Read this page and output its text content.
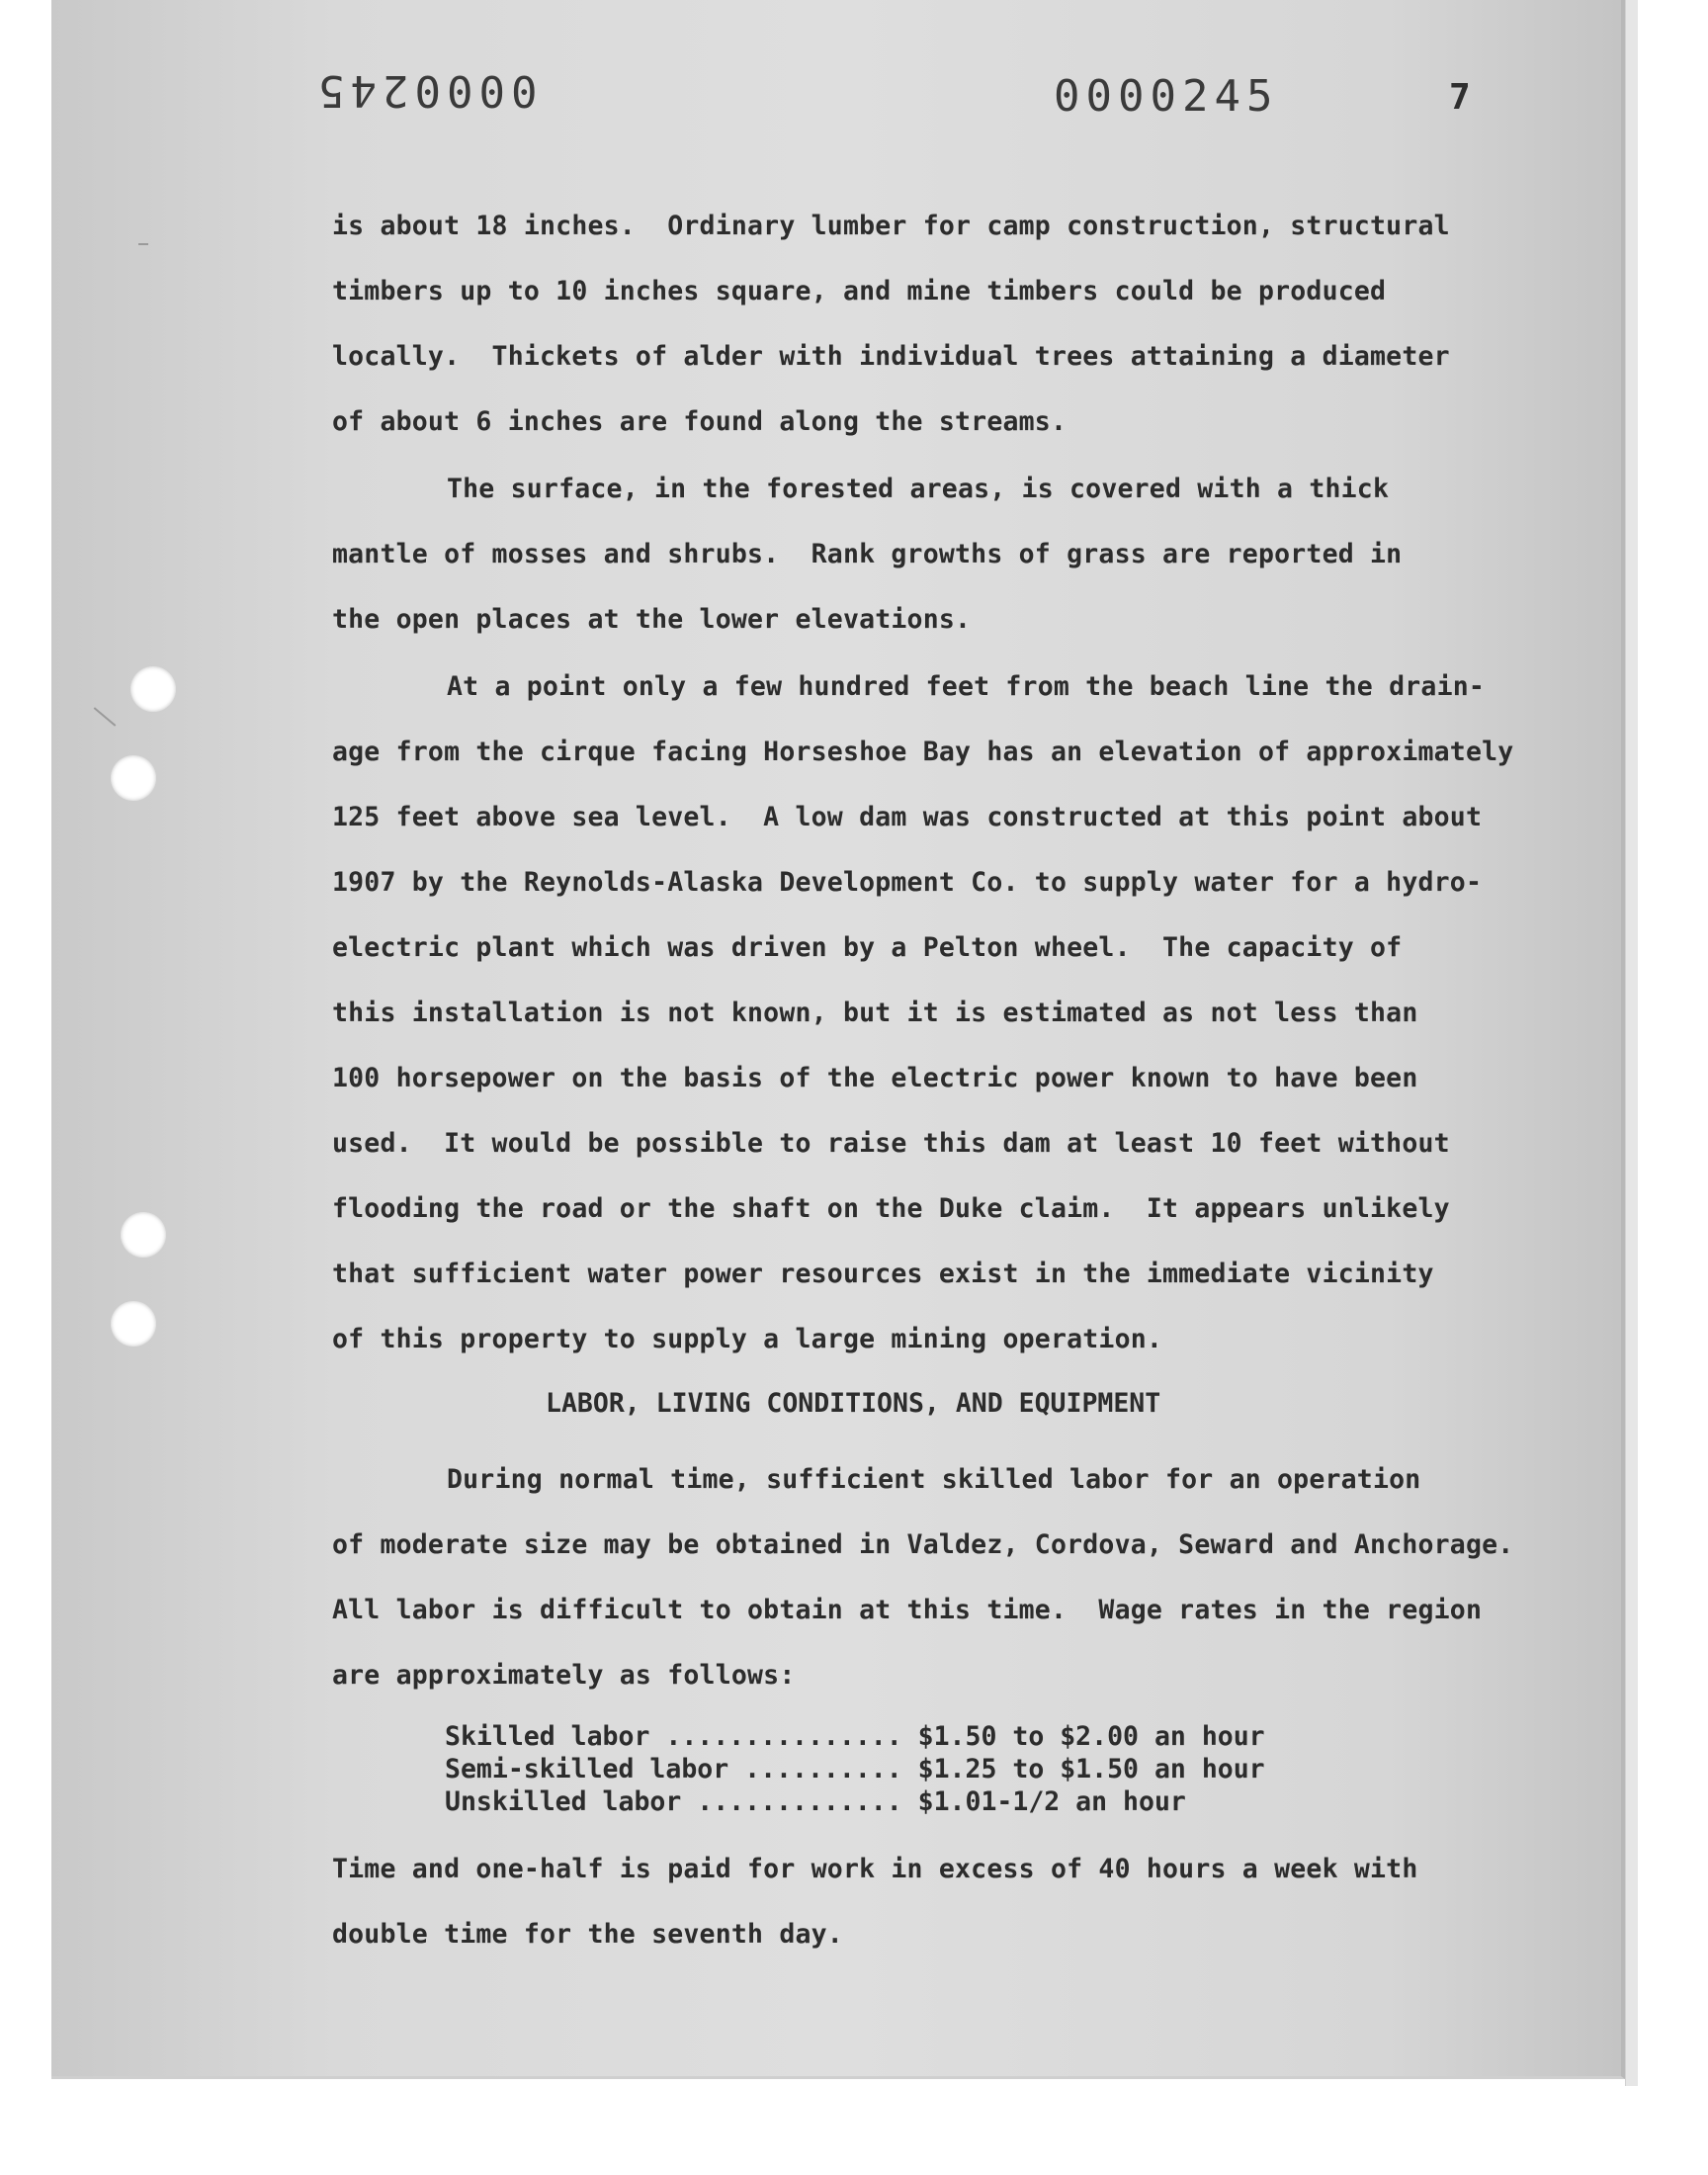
0000245	0000245	7
is about 18 inches.  Ordinary lumber for camp construction, structural
timbers up to 10 inches square, and mine timbers could be produced
locally.  Thickets of alder with individual trees attaining a diameter
of about 6 inches are found along the streams.
The surface, in the forested areas, is covered with a thick
mantle of mosses and shrubs.  Rank growths of grass are reported in
the open places at the lower elevations.
At a point only a few hundred feet from the beach line the drain-
age from the cirque facing Horseshoe Bay has an elevation of approximately
125 feet above sea level.  A low dam was constructed at this point about
1907 by the Reynolds-Alaska Development Co. to supply water for a hydro-
electric plant which was driven by a Pelton wheel.  The capacity of
this installation is not known, but it is estimated as not less than
100 horsepower on the basis of the electric power known to have been
used.  It would be possible to raise this dam at least 10 feet without
flooding the road or the shaft on the Duke claim.  It appears unlikely
that sufficient water power resources exist in the immediate vicinity
of this property to supply a large mining operation.
LABOR, LIVING CONDITIONS, AND EQUIPMENT
During normal time, sufficient skilled labor for an operation
of moderate size may be obtained in Valdez, Cordova, Seward and Anchorage.
All labor is difficult to obtain at this time.  Wage rates in the region
are approximately as follows:
Skilled labor ............... $1.50 to $2.00 an hour
Semi-skilled labor .......... $1.25 to $1.50 an hour
Unskilled labor ............. $1.01-1/2 an hour
Time and one-half is paid for work in excess of 40 hours a week with
double time for the seventh day.
